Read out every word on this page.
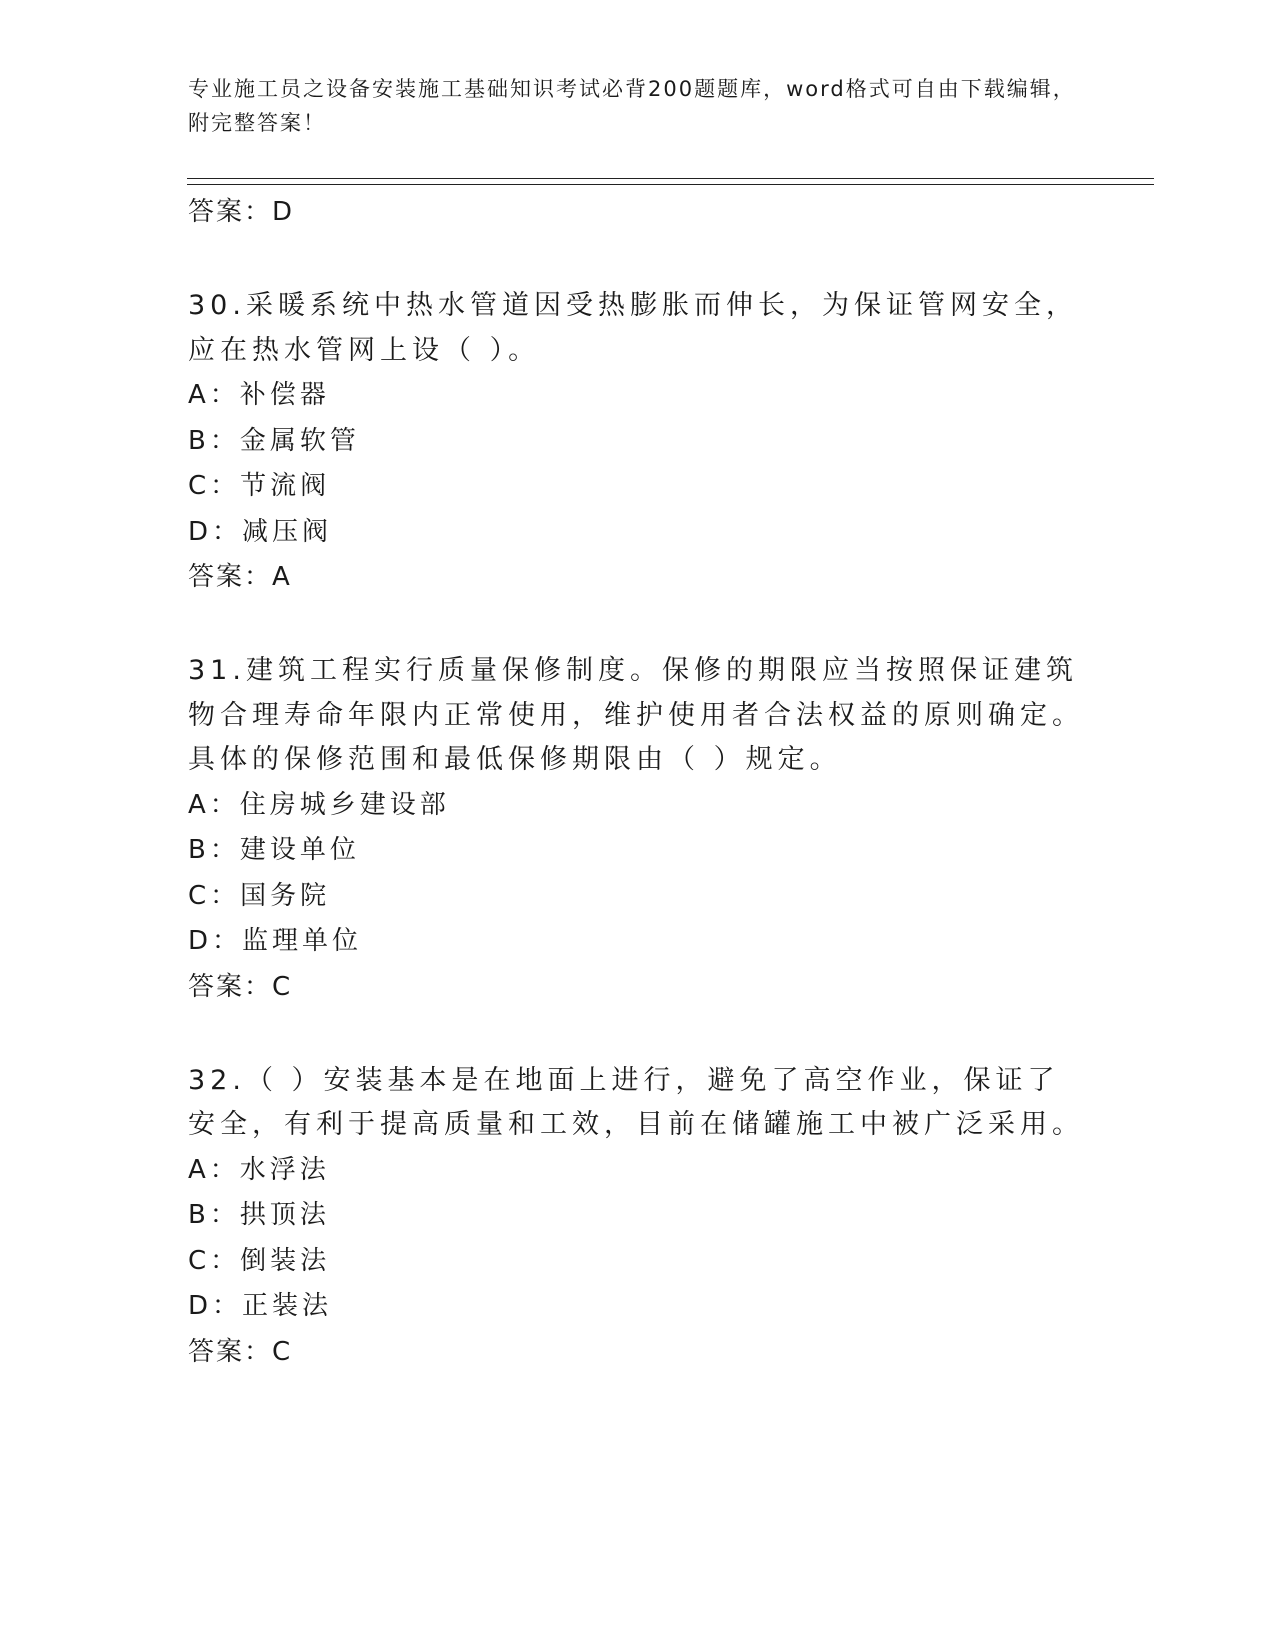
专业施工员之设备安装施工基础知识考试必背200题题库，word格式可自由下载编辑，附完整答案！
答案：D
30.采暖系统中热水管道因受热膨胀而伸长，为保证管网安全，应在热水管网上设（ ）。
A：补偿器
B：金属软管
C：节流阀
D：减压阀
答案：A
31.建筑工程实行质量保修制度。保修的期限应当按照保证建筑物合理寿命年限内正常使用，维护使用者合法权益的原则确定。具体的保修范围和最低保修期限由（ ）规定。
A：住房城乡建设部
B：建设单位
C：国务院
D：监理单位
答案：C
32.（ ）安装基本是在地面上进行，避免了高空作业，保证了安全，有利于提高质量和工效，目前在储罐施工中被广泛采用。
A：水浮法
B：拱顶法
C：倒装法
D：正装法
答案：C
